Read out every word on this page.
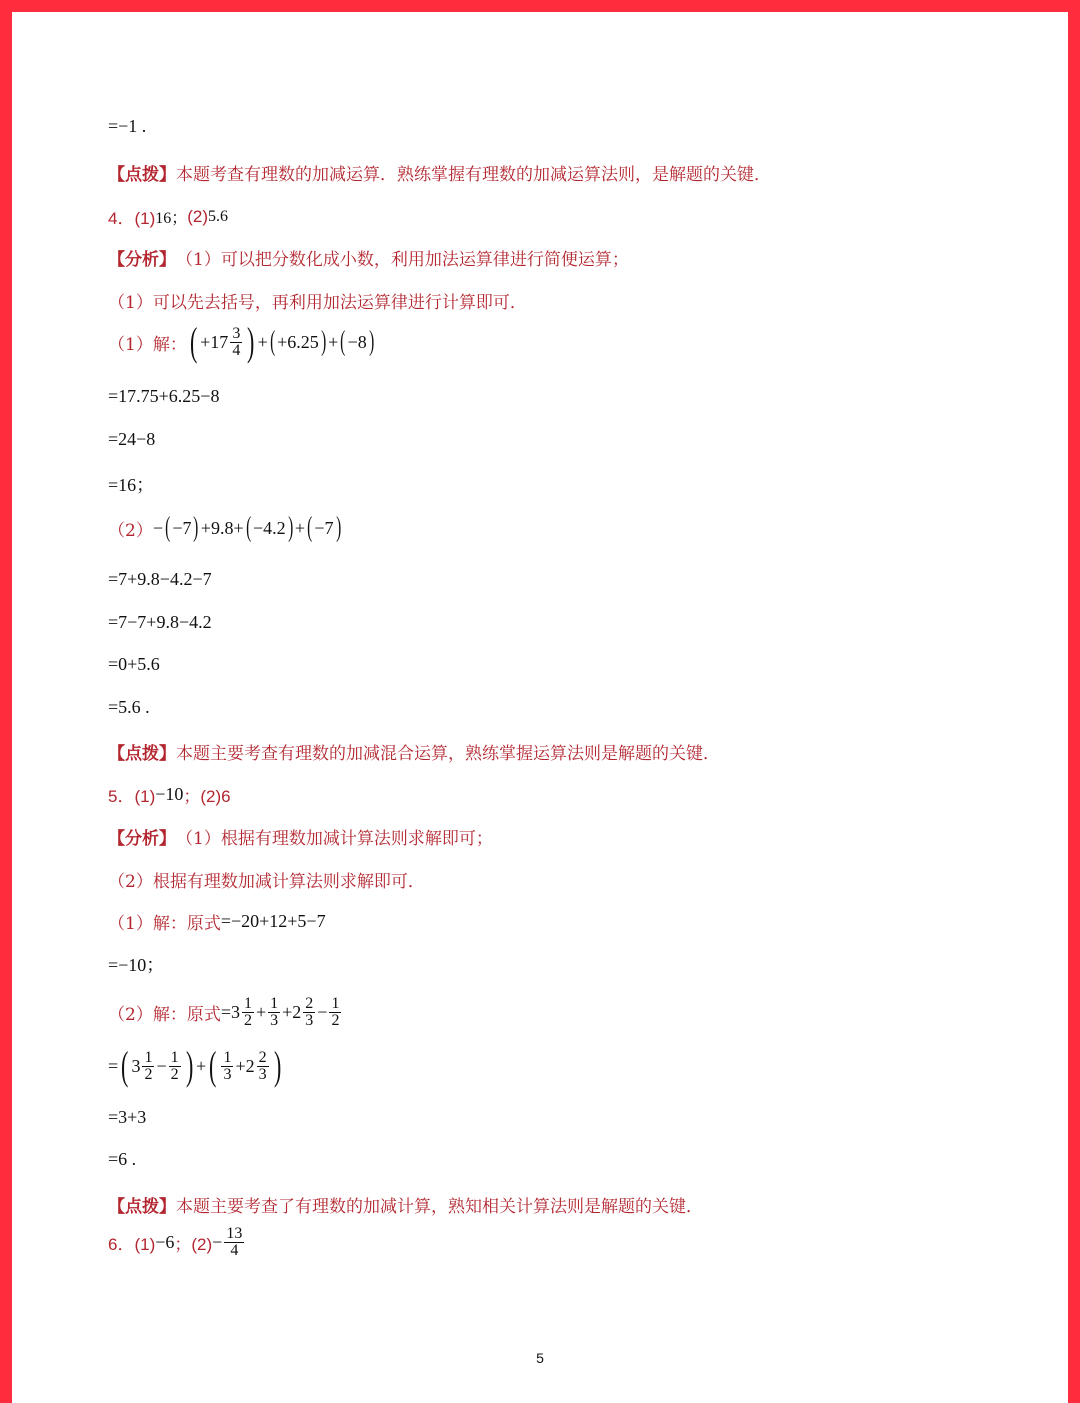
=−1 .
【点拨】 本题考查有理数的加减运算．熟练掌握有理数的加减运算法则，是解题的关键．
4．(1) 16； (2) 5.6
【分析】 （1）可以把分数化成小数，利用加法运算律进行简便运算；
（1）可以先去括号，再利用加法运算律进行计算即可．
（1）解： ( $+17 \frac{3}{4}$ ) + ( +6.25 ) + ( −8 )
=17.75+6.25−8
=24−8
=16；
（2） − ( −7 ) +9.8+ ( −4.2 ) + ( −7 )
=7+9.8−4.2−7
=7−7+9.8−4.2
=0+5.6
=5.6 .
【点拨】 本题主要考查有理数的加减混合运算，熟练掌握运算法则是解题的关键．
5．(1) −10 ；(2)6
【分析】 （1）根据有理数加减计算法则求解即可；
（2）根据有理数加减计算法则求解即可．
（1）解：原式 =−20+12+5−7
=−10；
（2）解：原式 $=3 \frac{1}{2} + \frac{1}{3} +2 \frac{2}{3} - \frac{1}{2}$
= ( $3 \frac{1}{2} - \frac{1}{2}$ ) + ( $\frac{1}{3} +2 \frac{2}{3}$ )
=3+3
=6 .
【点拨】 本题主要考查了有理数的加减计算，熟知相关计算法则是解题的关键．
6．(1) −6 ；$(2) - \frac{13}{4}$
5
